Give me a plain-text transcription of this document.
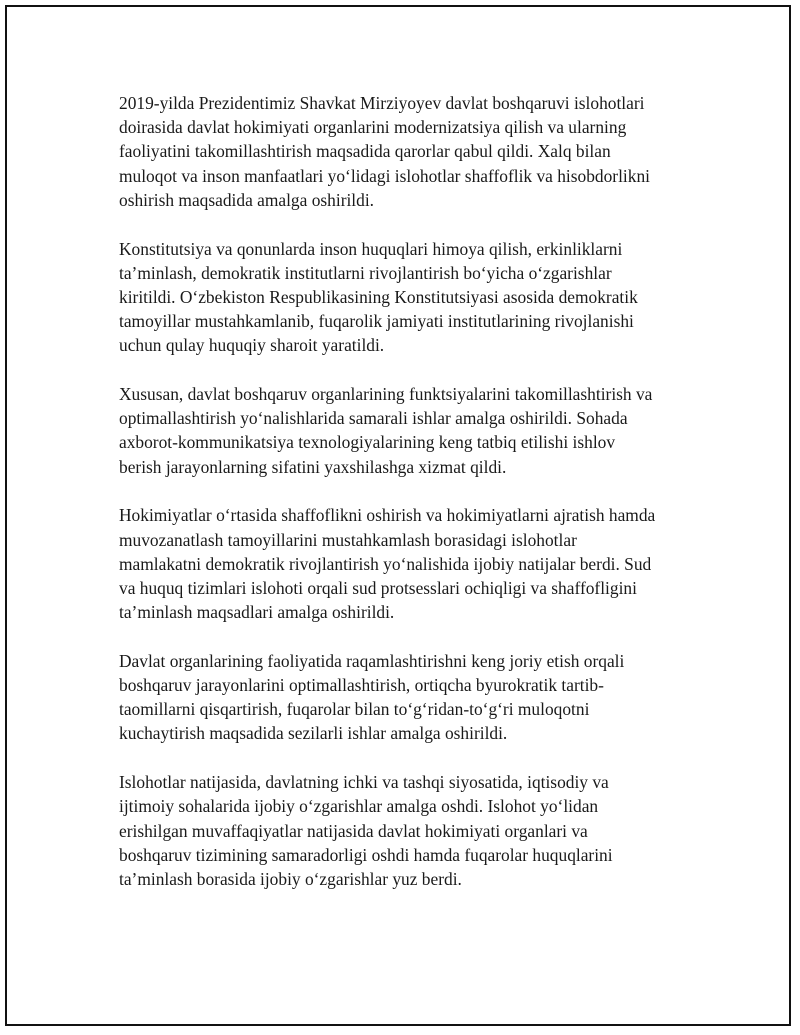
2019-yilda Prezidentimiz Shavkat Mirziyoyev davlat boshqaruvi islohotlari
doirasida davlat hokimiyati organlarini modernizatsiya qilish va ularning
faoliyatini takomillashtirish maqsadida qarorlar qabul qildi. Xalq bilan
muloqot va inson manfaatlari yo‘lidagi islohotlar shaffoflik va hisobdorlikni
oshirish maqsadida amalga oshirildi.

Konstitutsiya va qonunlarda inson huquqlari himoya qilish, erkinliklarni
ta’minlash, demokratik institutlarni rivojlantirish bo‘yicha o‘zgarishlar
kiritildi. O‘zbekiston Respublikasining Konstitutsiyasi asosida demokratik
tamoyillar mustahkamlanib, fuqarolik jamiyati institutlarining rivojlanishi
uchun qulay huquqiy sharoit yaratildi.

Xususan, davlat boshqaruv organlarining funktsiyalarini takomillashtirish va
optimallashtirish yo‘nalishlarida samarali ishlar amalga oshirildi. Sohada
axborot-kommunikatsiya texnologiyalarining keng tatbiq etilishi ishlov
berish jarayonlarning sifatini yaxshilashga xizmat qildi.

Hokimiyatlar o‘rtasida shaffoflikni oshirish va hokimiyatlarni ajratish hamda
muvozanatlash tamoyillarini mustahkamlash borasidagi islohotlar
mamlakatni demokratik rivojlantirish yo‘nalishida ijobiy natijalar berdi. Sud
va huquq tizimlari islohoti orqali sud protsesslari ochiqligi va shaffofligini
ta’minlash maqsadlari amalga oshirildi.

Davlat organlarining faoliyatida raqamlashtirishni keng joriy etish orqali
boshqaruv jarayonlarini optimallashtirish, ortiqcha byurokratik tartib-
taomillarni qisqartirish, fuqarolar bilan to‘g‘ridan-to‘g‘ri muloqotni
kuchaytirish maqsadida sezilarli ishlar amalga oshirildi.

Islohotlar natijasida, davlatning ichki va tashqi siyosatida, iqtisodiy va
ijtimoiy sohalarida ijobiy o‘zgarishlar amalga oshdi. Islohot yo‘lidan
erishilgan muvaffaqiyatlar natijasida davlat hokimiyati organlari va
boshqaruv tizimining samaradorligi oshdi hamda fuqarolar huquqlarini
ta’minlash borasida ijobiy o‘zgarishlar yuz berdi.
